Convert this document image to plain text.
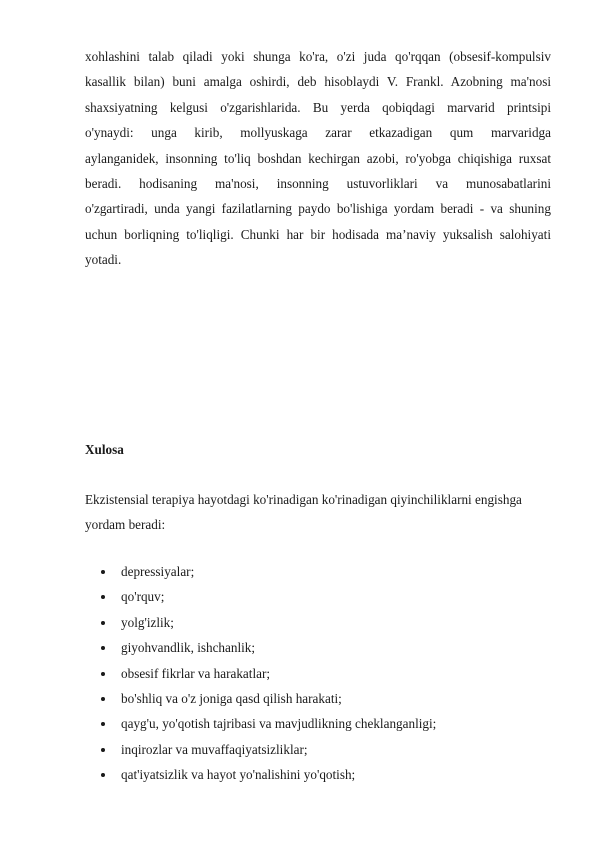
xohlashini talab qiladi yoki shunga ko'ra, o'zi juda qo'rqqan (obsesif-kompulsiv
kasallik bilan) buni amalga oshirdi, deb hisoblaydi V. Frankl. Azobning ma'nosi
shaxsiyatning kelgusi o'zgarishlarida. Bu yerda qobiqdagi marvarid printsipi
o'ynaydi: unga kirib, mollyuskaga zarar etkazadigan qum marvaridga
aylanganidek, insonning to'liq boshdan kechirgan azobi, ro'yobga chiqishiga ruxsat
beradi. hodisaning ma'nosi, insonning ustuvorliklari va munosabatlarini
o'zgartiradi, unda yangi fazilatlarning paydo bo'lishiga yordam beradi - va shuning
uchun borliqning to'liqligi. Chunki har bir hodisada ma’naviy yuksalish salohiyati
yotadi.
Xulosa
Ekzistensial terapiya hayotdagi ko'rinadigan ko'rinadigan qiyinchiliklarni engishga
yordam beradi:
depressiyalar;
qo'rquv;
yolg'izlik;
giyohvandlik, ishchanlik;
obsesif fikrlar va harakatlar;
bo'shliq va o'z joniga qasd qilish harakati;
qayg'u, yo'qotish tajribasi va mavjudlikning cheklanganligi;
inqirozlar va muvaffaqiyatsizliklar;
qat'iyatsizlik va hayot yo'nalishini yo'qotish;
